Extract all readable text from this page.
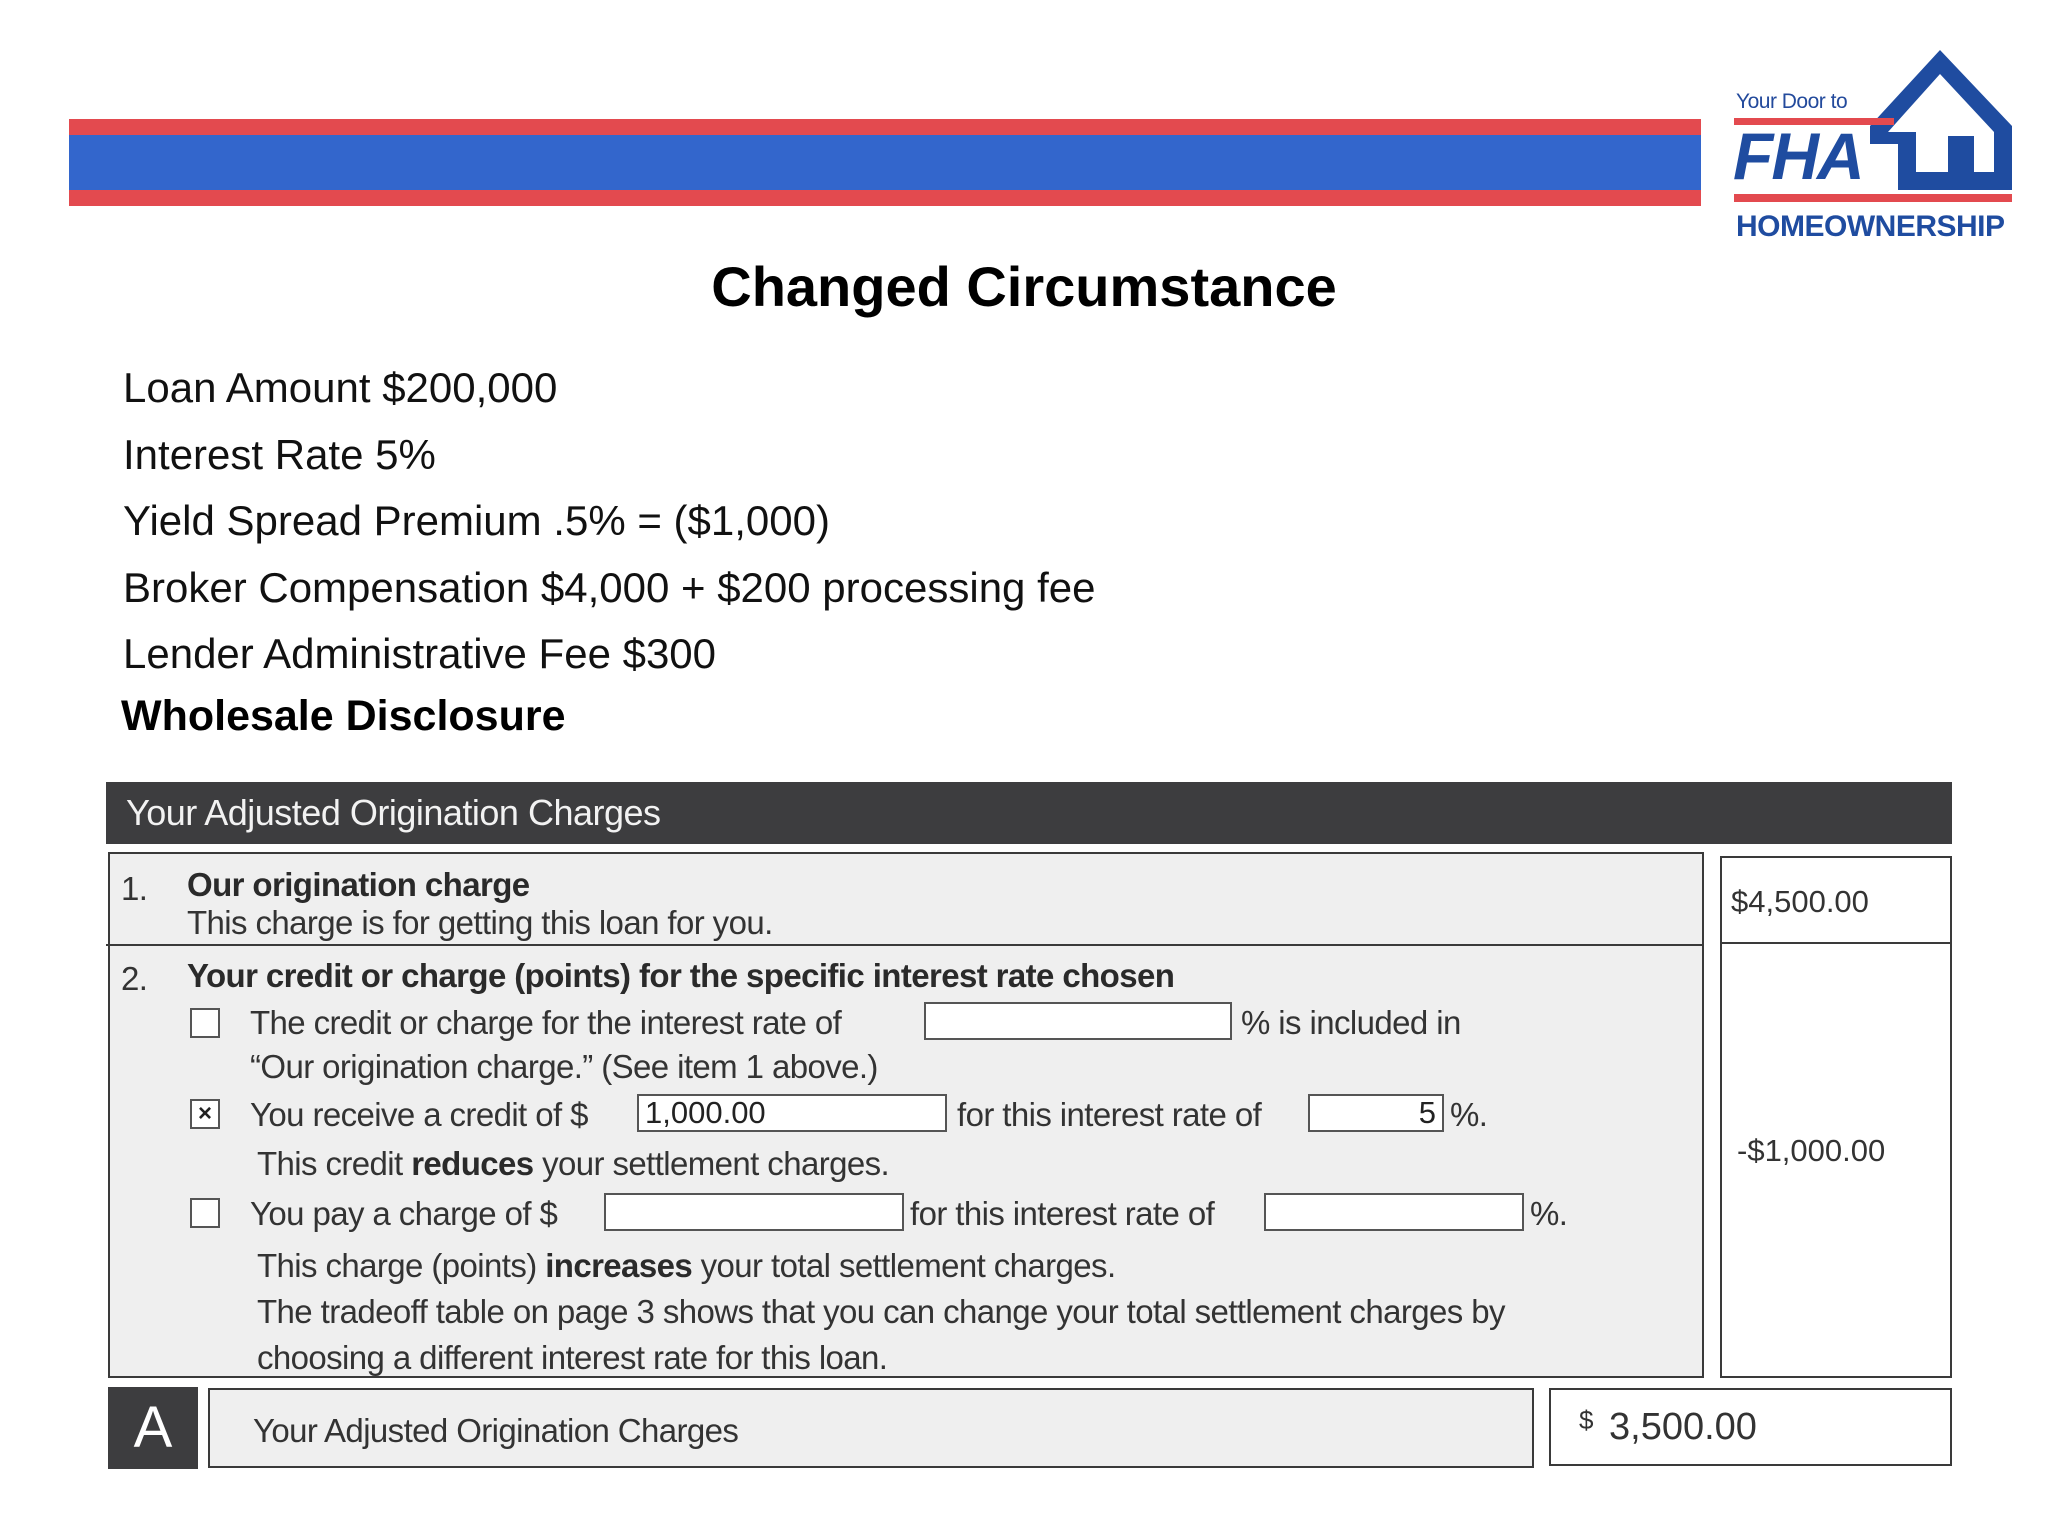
Your Door to
FHA
HOMEOWNERSHIP
Changed Circumstance
Loan Amount $200,000
Interest Rate 5%
Yield Spread Premium .5% = ($1,000)
Broker Compensation $4,000 + $200 processing fee
Lender Administrative Fee $300
Wholesale Disclosure
Your Adjusted Origination Charges
1. Our origination charge
This charge is for getting this loan for you.
$4,500.00
2. Your credit or charge (points) for the specific interest rate chosen
The credit or charge for the interest rate of	% is included in
“Our origination charge.” (See item 1 above.)
× You receive a credit of $ 1,000.00	for this interest rate of	5 %.
This credit reduces your settlement charges.
You pay a charge of $	for this interest rate of	%.
This charge (points) increases your total settlement charges.
The tradeoff table on page 3 shows that you can change your total settlement charges by
choosing a different interest rate for this loan.
-$1,000.00
A	Your Adjusted Origination Charges	$ 3,500.00
